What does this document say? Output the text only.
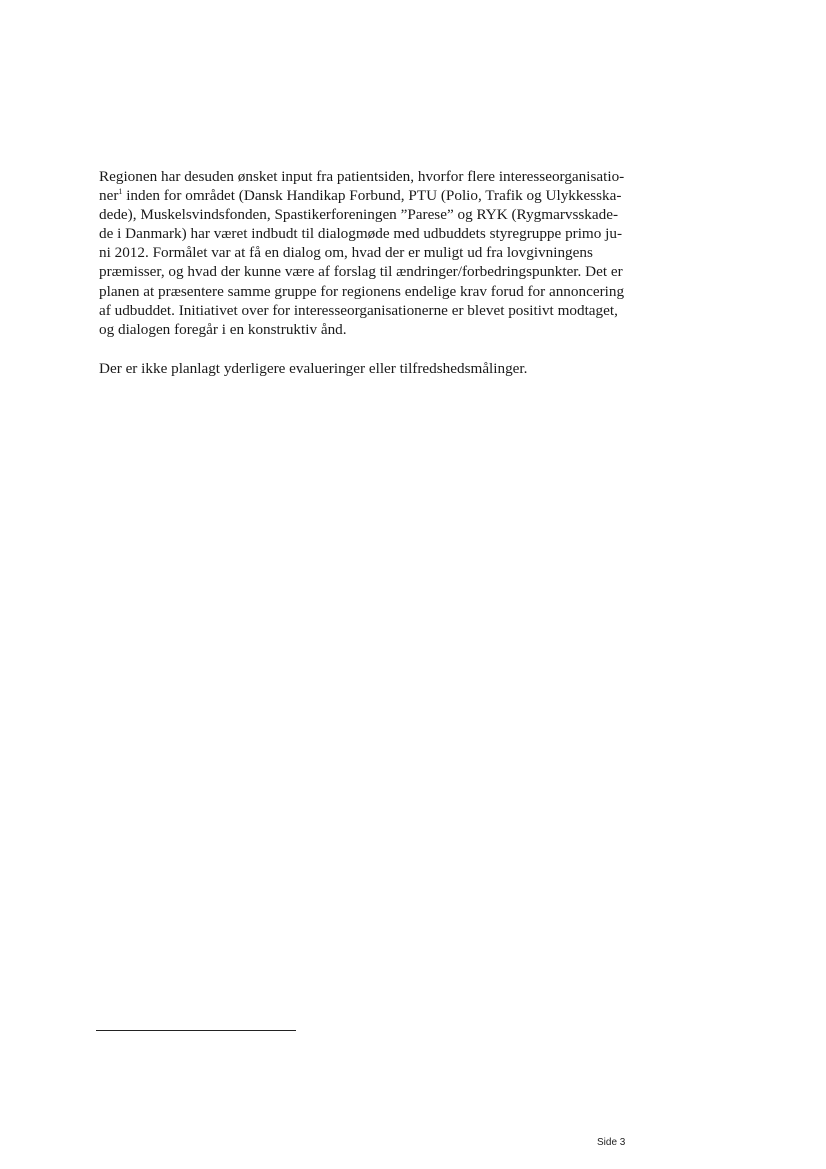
Regionen har desuden ønsket input fra patientsiden, hvorfor flere interesseorganisatio-
ner$^1$ inden for området (Dansk Handikap Forbund, PTU (Polio, Trafik og Ulykkesska-
dede), Muskelsvindsfonden, Spastikerforeningen ”Parese” og RYK (Rygmarvsskade-
de i Danmark) har været indbudt til dialogmøde med udbuddets styregruppe primo ju-
ni 2012. Formålet var at få en dialog om, hvad der er muligt ud fra lovgivningens
præmisser, og hvad der kunne være af forslag til ændringer/forbedringspunkter. Det er
planen at præsentere samme gruppe for regionens endelige krav forud for annoncering
af udbuddet. Initiativet over for interesseorganisationerne er blevet positivt modtaget,
og dialogen foregår i en konstruktiv ånd.

Der er ikke planlagt yderligere evalueringer eller tilfredshedsmålinger.

Side 3
